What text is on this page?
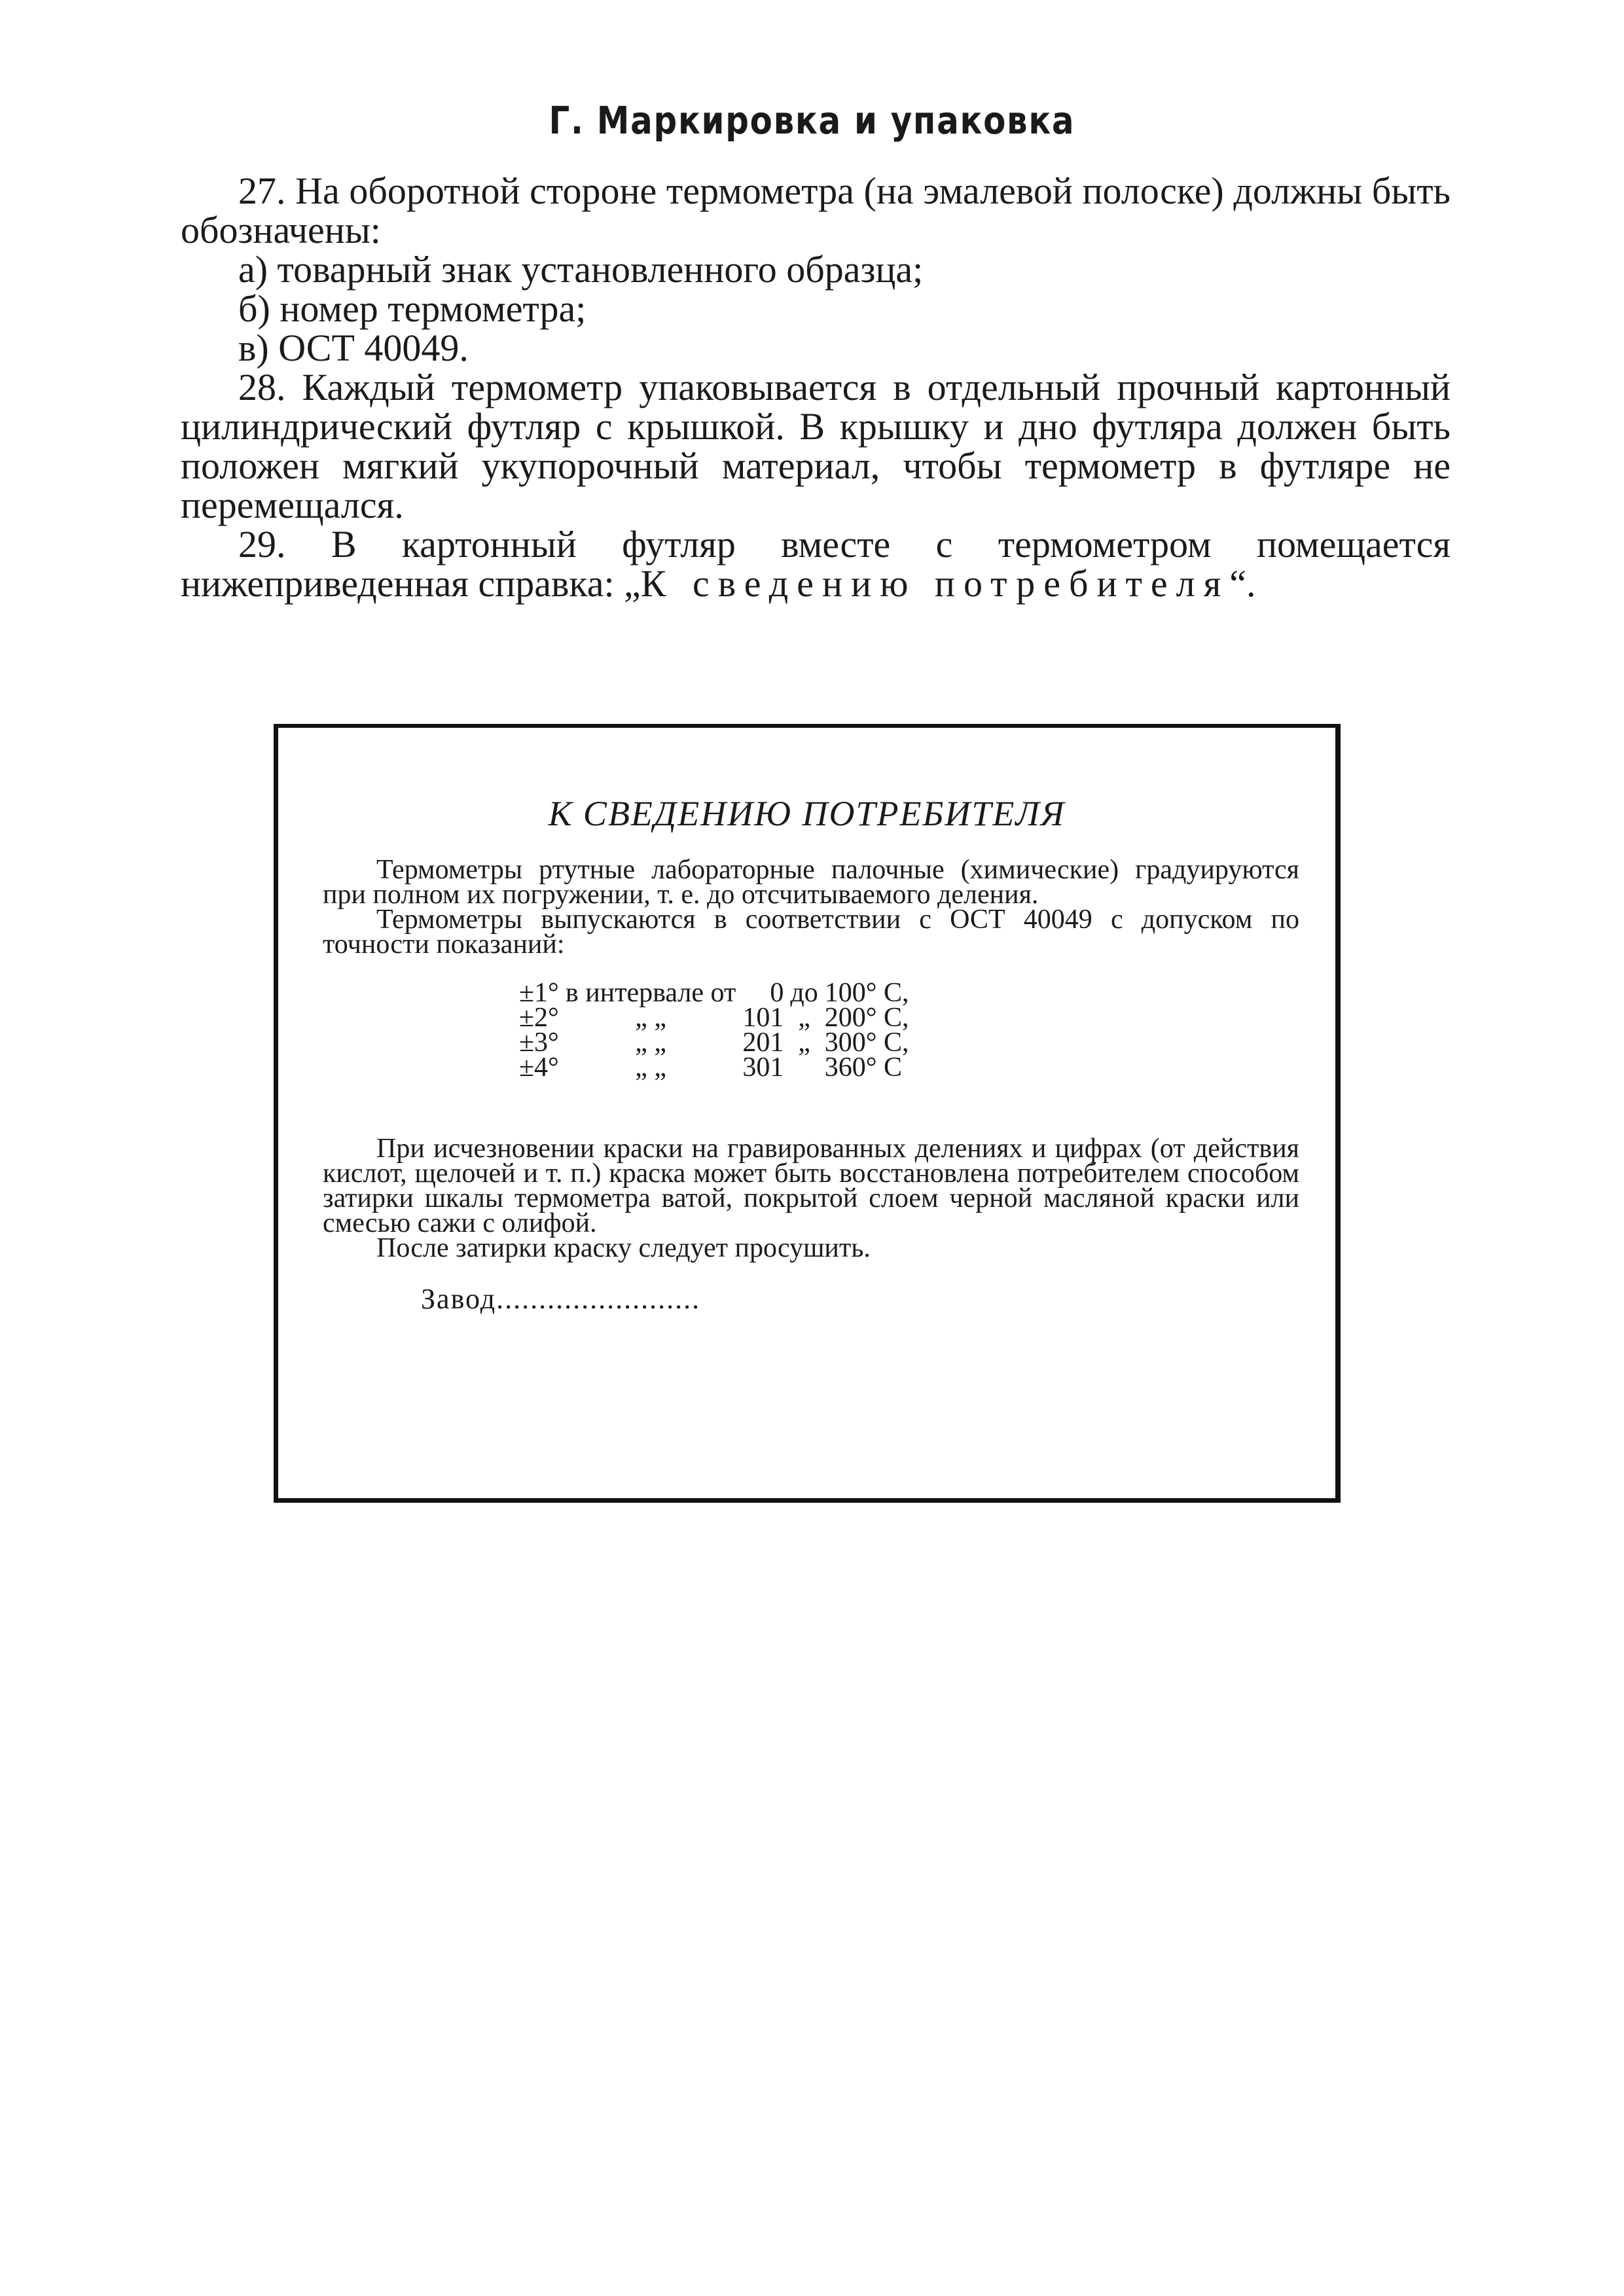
Г. Маркировка и упаковка

27. На оборотной стороне термометра (на эмалевой полоске) должны быть обозначены:

а) товарный знак установленного образца;

б) номер термометра;

в) ОСТ 40049.

28. Каждый термометр упаковывается в отдельный прочный картонный цилиндрический футляр с крышкой. В крышку и дно футляра должен быть положен мягкий укупорочный материал, чтобы термометр в футляре не перемещался.

29. В картонный футляр вместе с термометром помещается нижеприведенная справка: „К сведению потребителя“.

К СВЕДЕНИЮ ПОТРЕБИТЕЛЯ

Термометры ртутные лабораторные палочные (химические) градуируются при полном их погружении, т. е. до отсчитываемого деления.

Термометры выпускаются в соответствии с ОСТ 40049 с допуском по точности показаний:

±1°	в интервале от	0	до	100° С,
±2°	„ „	101	„	200° С,
±3°	„ „	201	„	300° С,
±4°	„ „	301		360° С

При исчезновении краски на гравированных делениях и цифрах (от действия кислот, щелочей и т. п.) краска может быть восстановлена потребителем способом затирки шкалы термометра ватой, покрытой слоем черной масляной краски или смесью сажи с олифой.

После затирки краску следует просушить.

Завод........................
